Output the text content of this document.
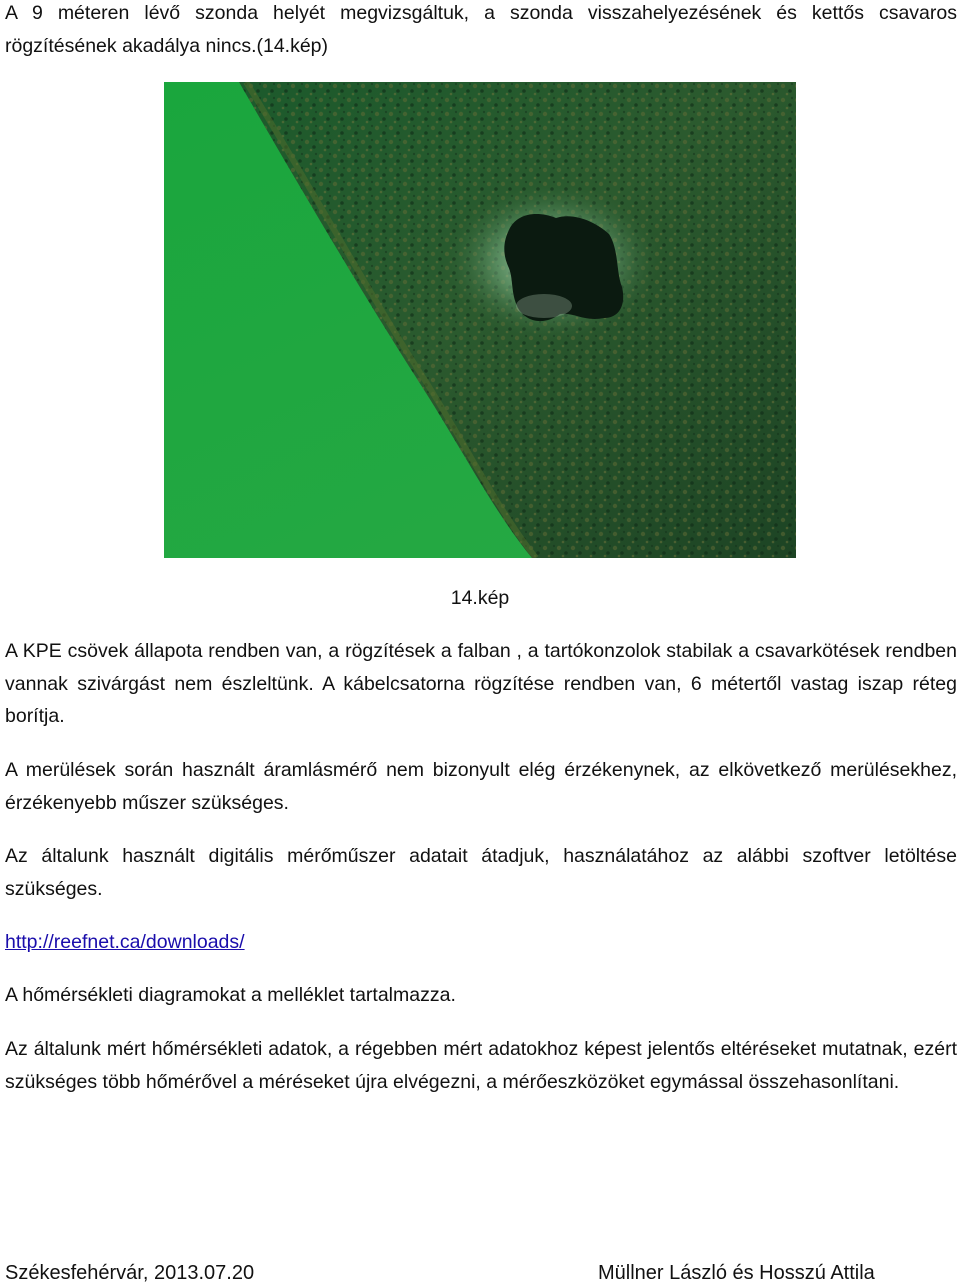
A 9 méteren lévő szonda helyét megvizsgáltuk, a szonda visszahelyezésének és kettős csavaros rögzítésének akadálya nincs.(14.kép)

14.kép

A KPE csövek állapota rendben van, a rögzítések a falban , a tartókonzolok stabilak a csavarkötések rendben vannak szivárgást nem észleltünk. A kábelcsatorna rögzítése rendben van, 6 métertől vastag iszap réteg borítja.

A merülések során használt áramlásmérő nem bizonyult elég érzékenynek, az elkövetkező merülésekhez, érzékenyebb műszer szükséges.

Az általunk használt digitális mérőműszer adatait átadjuk, használatához az alábbi szoftver letöltése szükséges.

http://reefnet.ca/downloads/

A hőmérsékleti diagramokat a melléklet tartalmazza.

Az általunk mért hőmérsékleti adatok, a régebben mért adatokhoz képest jelentős eltéréseket mutatnak, ezért szükséges több hőmérővel a méréseket újra elvégezni, a mérőeszközöket egymással összehasonlítani.

Székesfehérvár, 2013.07.20	Müllner László és Hosszú Attila
